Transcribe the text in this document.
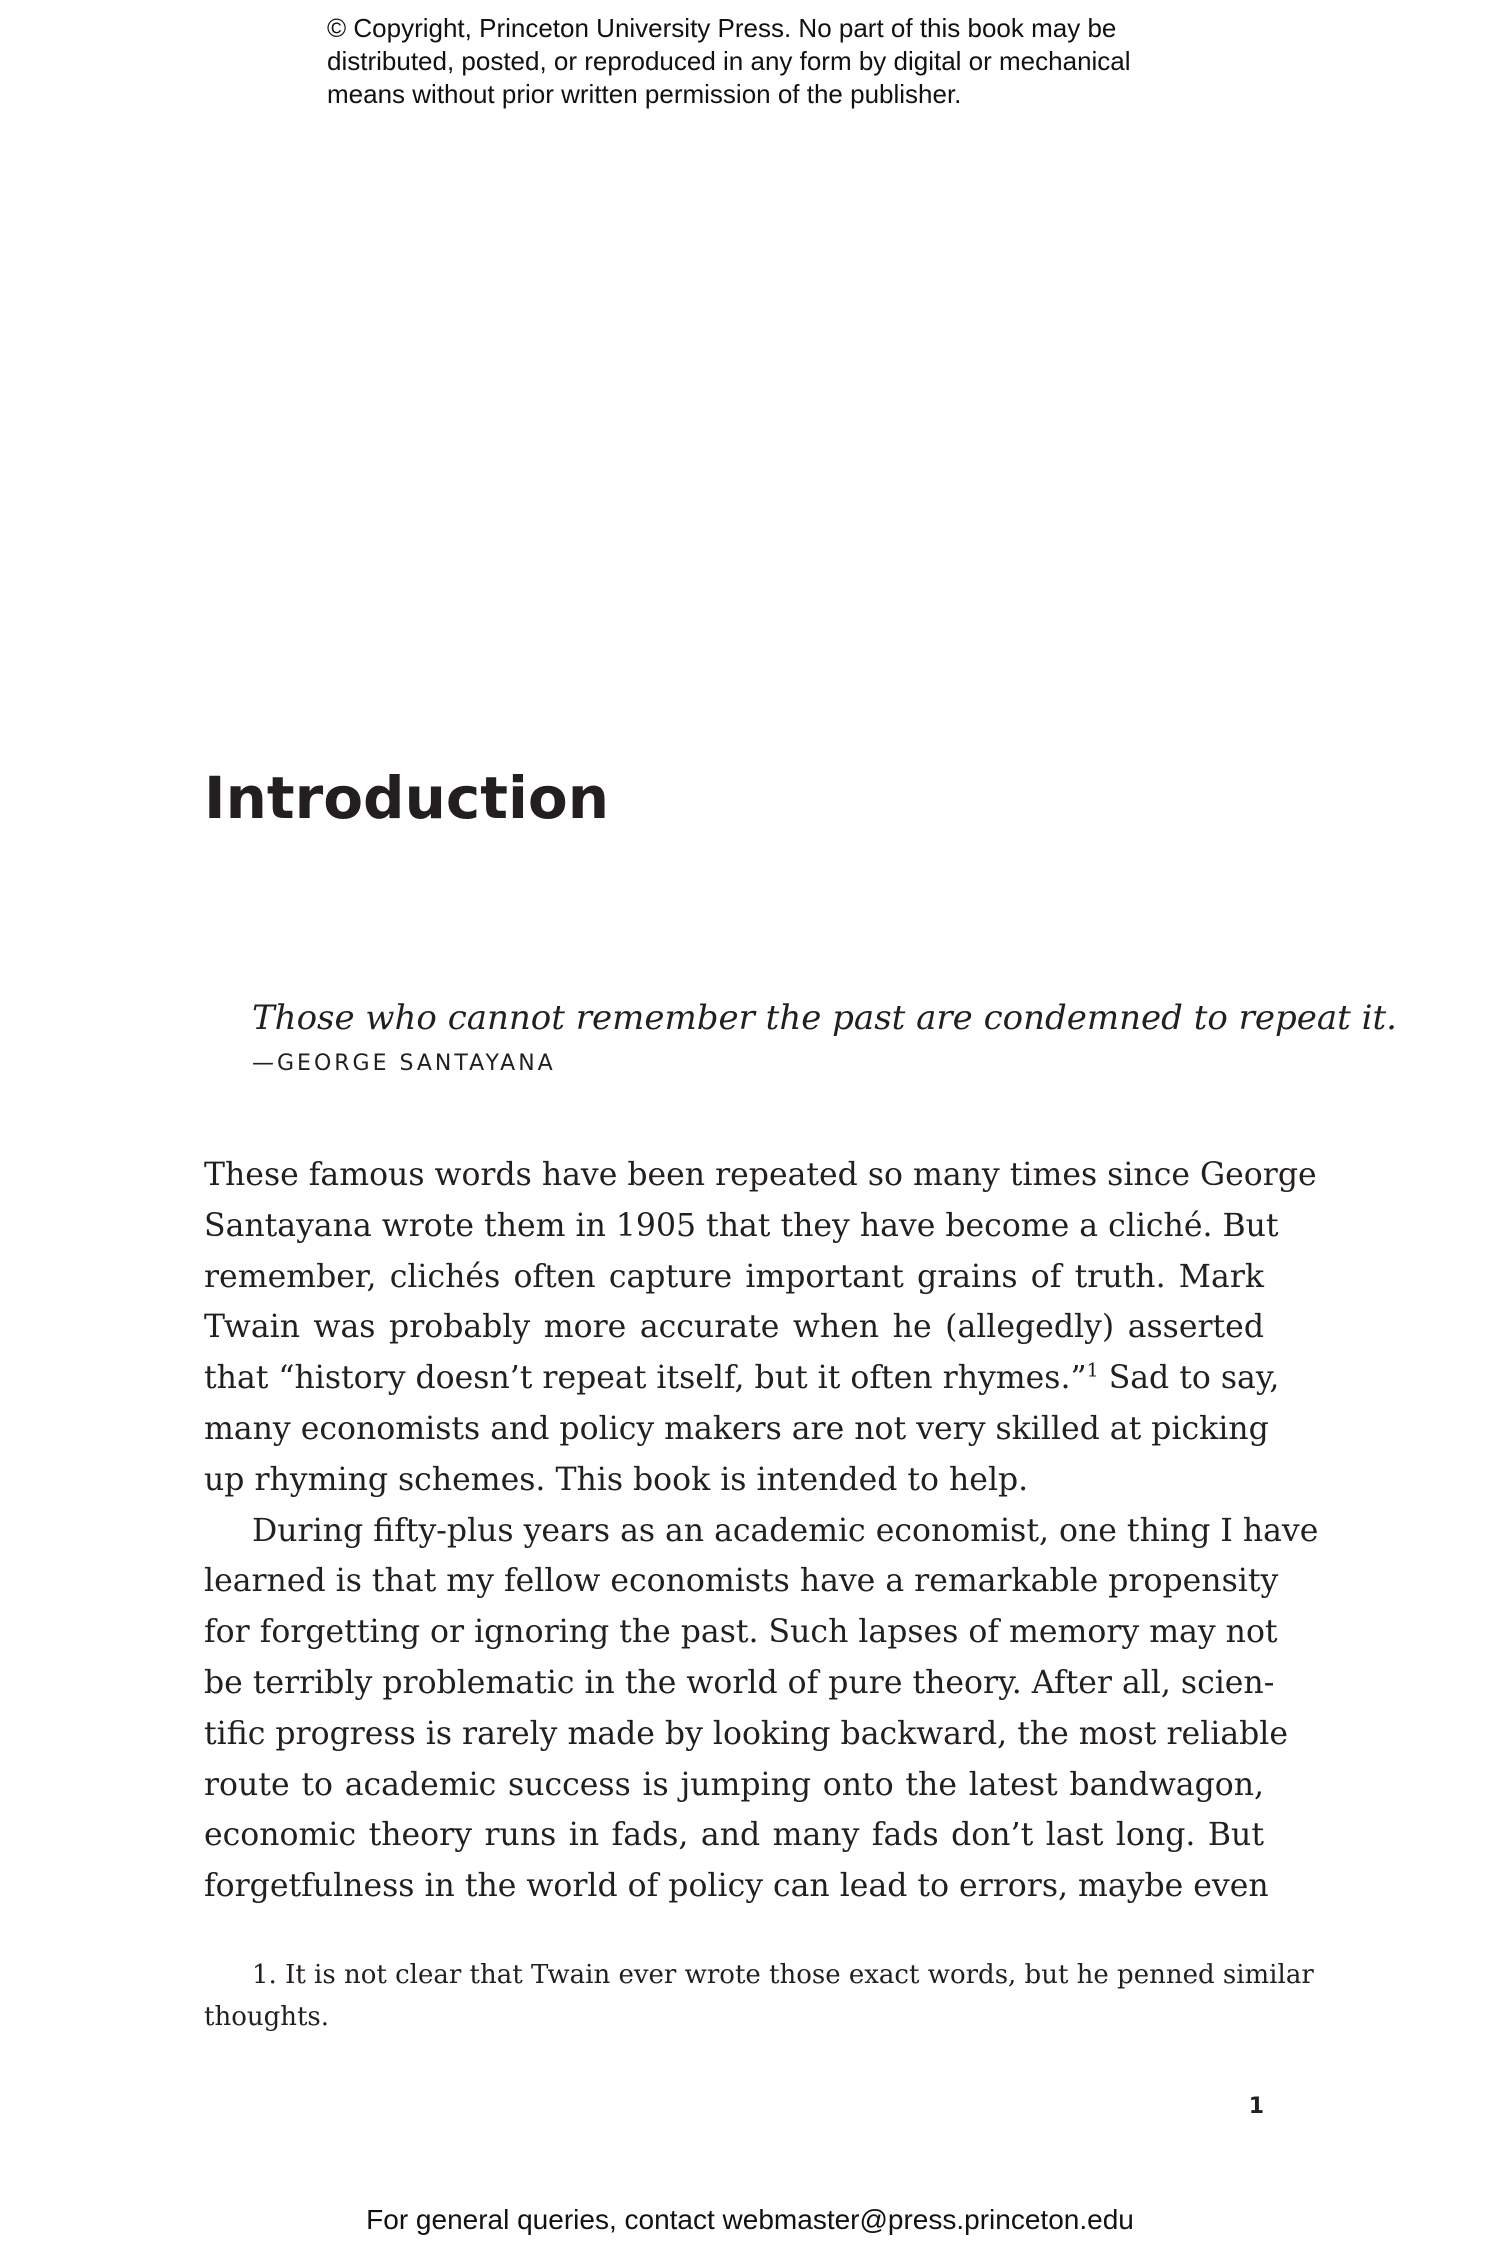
© Copyright, Princeton University Press. No part of this book may be
distributed, posted, or reproduced in any form by digital or mechanical
means without prior written permission of the publisher.
Introduction
Those who cannot remember the past are condemned to repeat it.
—GEORGE SANTAYANA
These famous words have been repeated so many times since George
Santayana wrote them in 1905 that they have become a cliché. But
remember, clichés often capture important grains of truth. Mark
Twain was probably more accurate when he (allegedly) asserted
that “history doesn’t repeat itself, but it often rhymes.”$^1$ Sad to say,
many economists and policy makers are not very skilled at picking
up rhyming schemes. This book is intended to help.
During fifty-plus years as an academic economist, one thing I have
learned is that my fellow economists have a remarkable propensity
for forgetting or ignoring the past. Such lapses of memory may not
be terribly problematic in the world of pure theory. After all, scien-
tific progress is rarely made by looking backward, the most reliable
route to academic success is jumping onto the latest bandwagon,
economic theory runs in fads, and many fads don’t last long. But
forgetfulness in the world of policy can lead to errors, maybe even
1. It is not clear that Twain ever wrote those exact words, but he penned similar
thoughts.
1
For general queries, contact webmaster@press.princeton.edu
